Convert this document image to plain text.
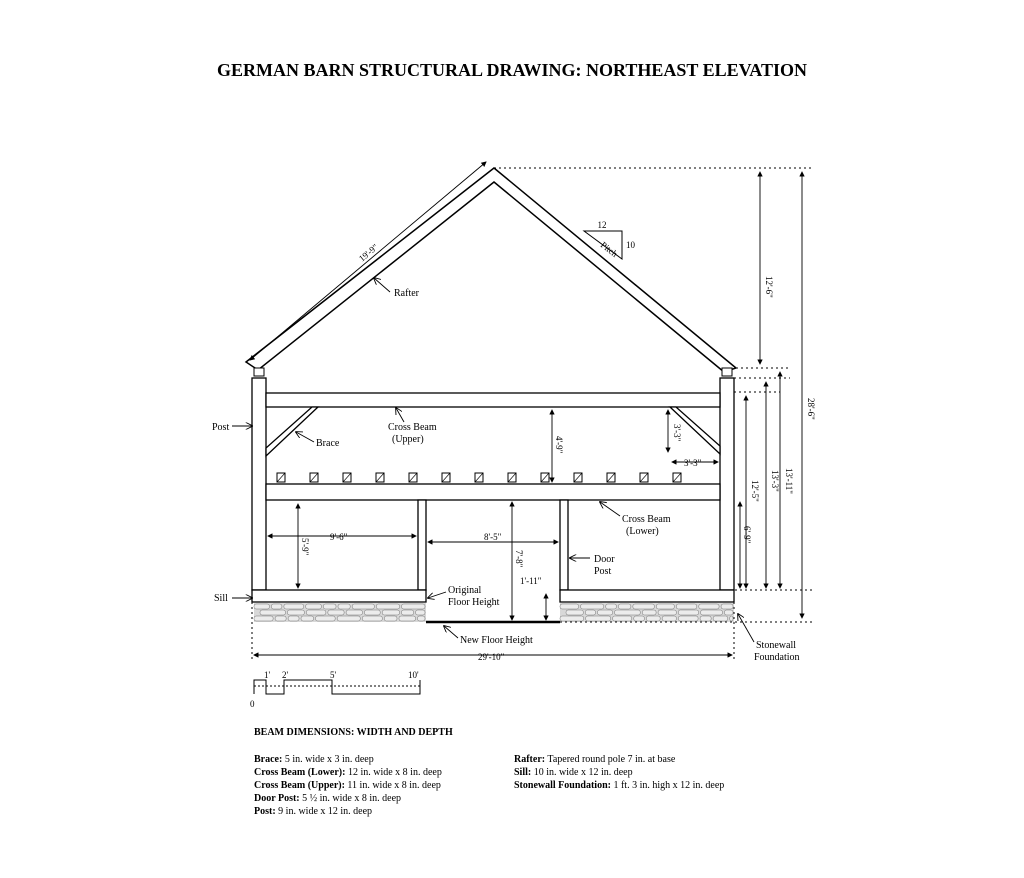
GERMAN BARN STRUCTURAL DRAWING: NORTHEAST ELEVATION
12
10
Pitch
19'-9"
12'-6"
28'-6"
4'-9"
3'-3"
3'-3"
12'-5" 13'-3" 13'-11"
6'-9"
5'-9"
9'-6"	8'-5"
7'-8"
1'-11"
29'-10"
Rafter
Post
Brace
Cross Beam
(Upper)
Cross Beam
(Lower)
Door
Post
Sill
Original
Floor Height
New Floor Height	Stonewall
Foundation
0
1' 2'	5'	10'
BEAM DIMENSIONS: WIDTH AND DEPTH
Brace: 5 in. wide x 3 in. deep
Cross Beam (Lower): 12 in. wide x 8 in. deep
Cross Beam (Upper): 11 in. wide x 8 in. deep
Door Post: 5 ½ in. wide x 8 in. deep
Post: 9 in. wide x 12 in. deep
Rafter: Tapered round pole 7 in. at base
Sill: 10 in. wide x 12 in. deep
Stonewall Foundation: 1 ft. 3 in. high x 12 in. deep
